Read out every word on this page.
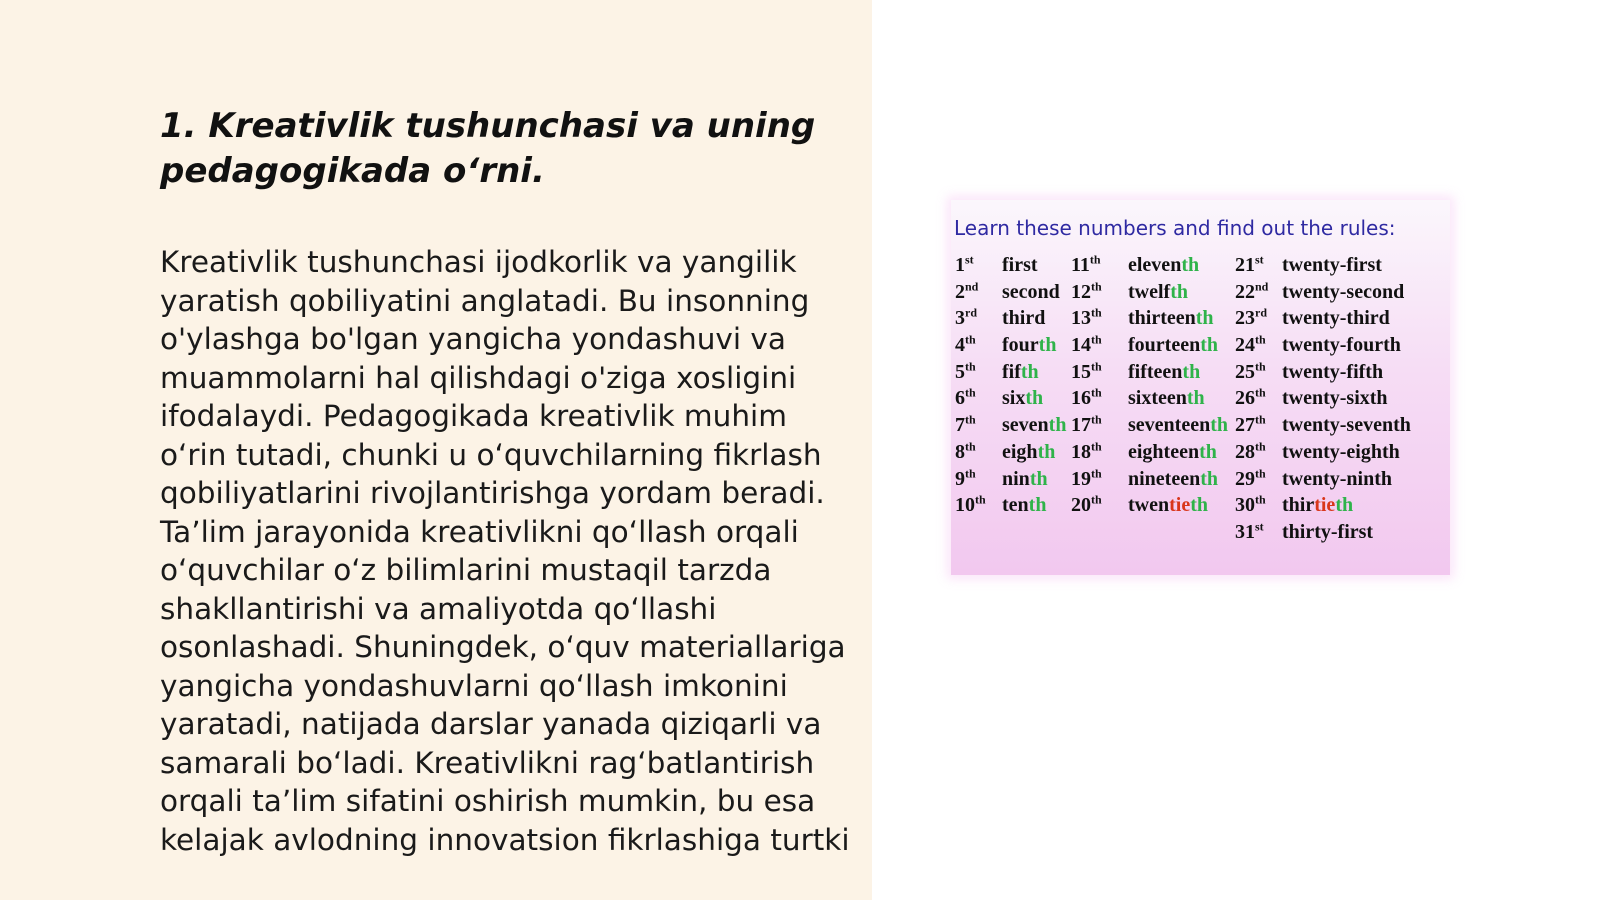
1. Kreativlik tushunchasi va uning pedagogikada o‘rni.

Kreativlik tushunchasi ijodkorlik va yangilik yaratish qobiliyatini anglatadi. Bu insonning o'ylashga bo'lgan yangicha yondashuvi va muammolarni hal qilishdagi o'ziga xosligini ifodalaydi. Pedagogikada kreativlik muhim o‘rin tutadi, chunki u o‘quvchilarning fikrlash qobiliyatlarini rivojlantirishga yordam beradi. Ta’lim jarayonida kreativlikni qo‘llash orqali o‘quvchilar o‘z bilimlarini mustaqil tarzda shakllantirishi va amaliyotda qo‘llashi osonlashadi. Shuningdek, o‘quv materiallariga yangicha yondashuvlarni qo‘llash imkonini yaratadi, natijada darslar yanada qiziqarli va samarali bo‘ladi. Kreativlikni rag‘batlantirish orqali ta’lim sifatini oshirish mumkin, bu esa kelajak avlodning innovatsion fikrlashiga turtki

Learn these numbers and find out the rules:
1st first
2nd second
3rd third
4th fourth
5th fifth
6th sixth
7th seventh
8th eighth
9th ninth
10th tenth
11th eleventh
12th twelfth
13th thirteenth
14th fourteenth
15th fifteenth
16th sixteenth
17th seventeenth
18th eighteenth
19th nineteenth
20th twentieth
21st twenty-first
22nd twenty-second
23rd twenty-third
24th twenty-fourth
25th twenty-fifth
26th twenty-sixth
27th twenty-seventh
28th twenty-eighth
29th twenty-ninth
30th thirtieth
31st thirty-first
